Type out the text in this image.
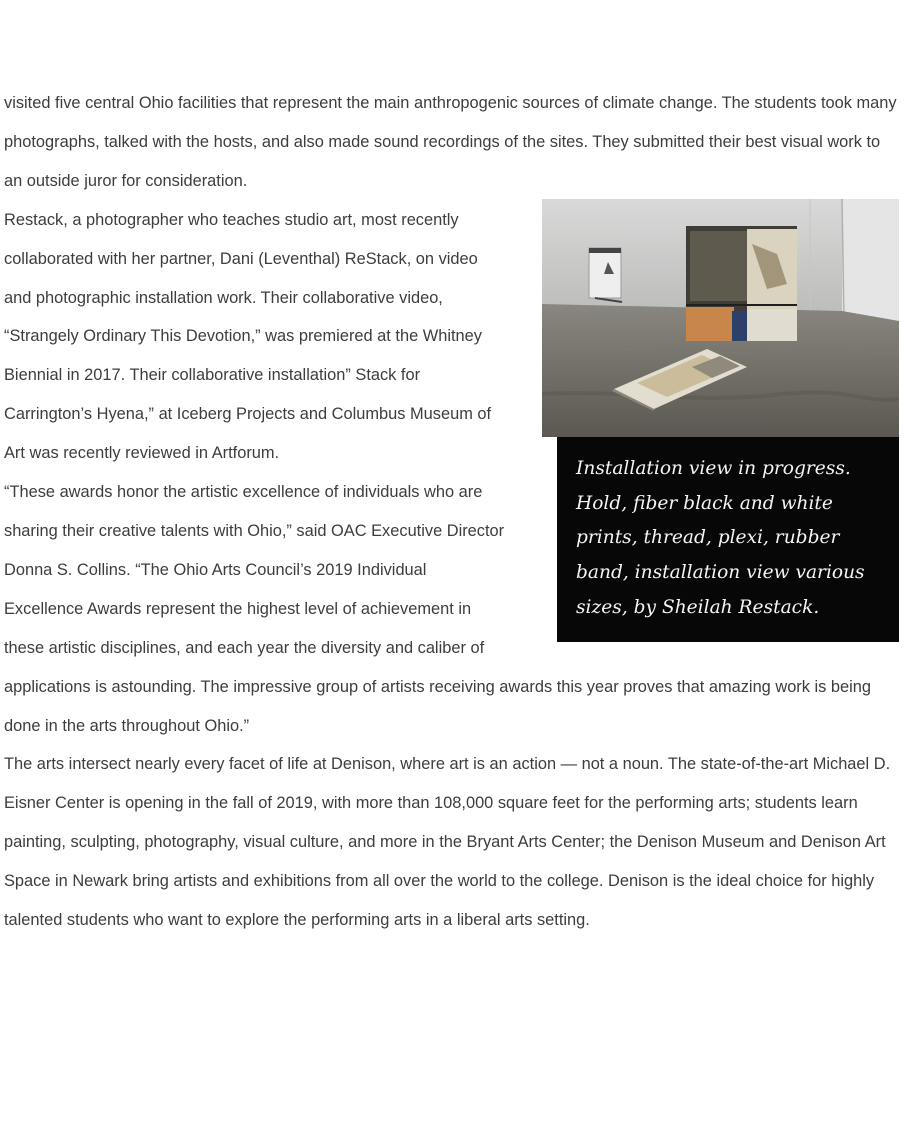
visited five central Ohio facilities that represent the main anthropogenic sources of climate change. The students took many photographs, talked with the hosts, and also made sound recordings of the sites. They submitted their best visual work to an outside juror for consideration.

Installation view in progress. Hold, fiber black and white prints, thread, plexi, rubber band, installation view various sizes, by Sheilah Restack.
Restack, a photographer who teaches studio art, most recently collaborated with her partner, Dani (Leventhal) ReStack, on video and photographic installation work. Their collaborative video, “Strangely Ordinary This Devotion,” was premiered at the Whitney Biennial in 2017. Their collaborative installation” Stack for Carrington’s Hyena,” at Iceberg Projects and Columbus Museum of Art was recently reviewed in Artforum.

“These awards honor the artistic excellence of individuals who are sharing their creative talents with Ohio,” said OAC Executive Director Donna S. Collins. “The Ohio Arts Council’s 2019 Individual Excellence Awards represent the highest level of achievement in these artistic disciplines, and each year the diversity and caliber of applications is astounding. The impressive group of artists receiving awards this year proves that amazing work is being done in the arts throughout Ohio.”

The arts intersect nearly every facet of life at Denison, where art is an action — not a noun. The state-of-the-art Michael D. Eisner Center is opening in the fall of 2019, with more than 108,000 square feet for the performing arts; students learn painting, sculpting, photography, visual culture, and more in the Bryant Arts Center; the Denison Museum and Denison Art Space in Newark bring artists and exhibitions from all over the world to the college. Denison is the ideal choice for highly talented students who want to explore the performing arts in a liberal arts setting.
